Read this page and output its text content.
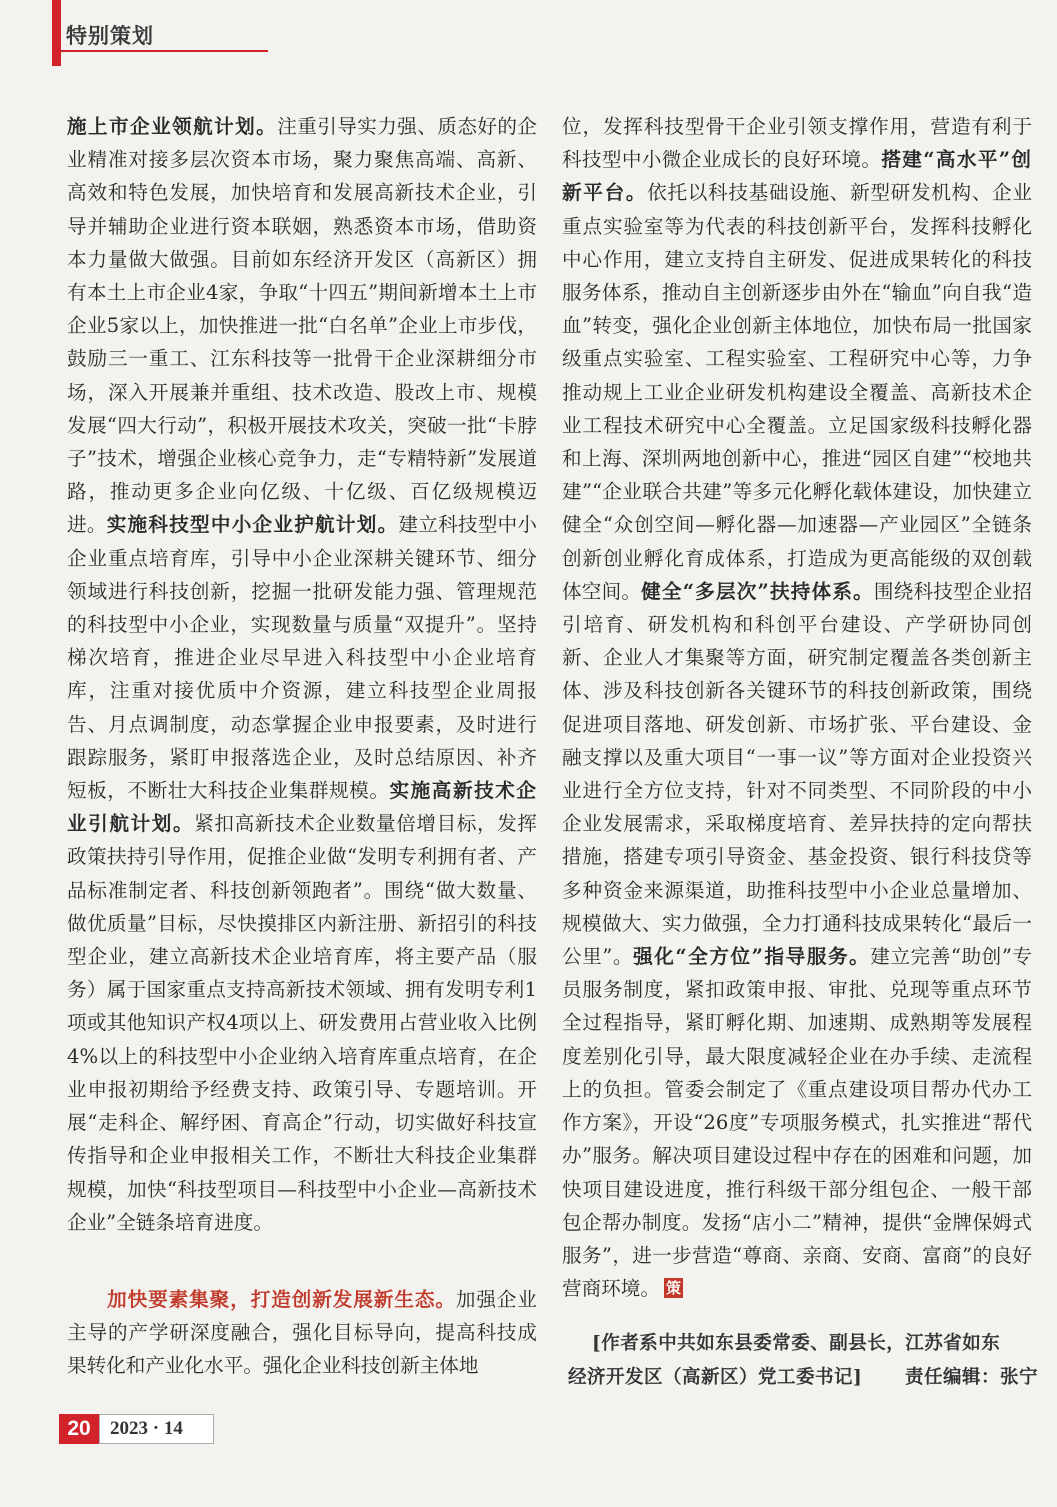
特别策划

施上市企业领航计划。注重引导实力强、质态好的企业精准对接多层次资本市场，聚力聚焦高端、高新、高效和特色发展，加快培育和发展高新技术企业，引导并辅助企业进行资本联姻，熟悉资本市场，借助资本力量做大做强。目前如东经济开发区（高新区）拥有本土上市企业4家，争取“十四五”期间新增本土上市企业5家以上，加快推进一批“白名单”企业上市步伐，鼓励三一重工、江东科技等一批骨干企业深耕细分市场，深入开展兼并重组、技术改造、股改上市、规模发展“四大行动”，积极开展技术攻关，突破一批“卡脖子”技术，增强企业核心竞争力，走“专精特新”发展道路，推动更多企业向亿级、十亿级、百亿级规模迈进。实施科技型中小企业护航计划。建立科技型中小企业重点培育库，引导中小企业深耕关键环节、细分领域进行科技创新，挖掘一批研发能力强、管理规范的科技型中小企业，实现数量与质量“双提升”。坚持梯次培育，推进企业尽早进入科技型中小企业培育库，注重对接优质中介资源，建立科技型企业周报告、月点调制度，动态掌握企业申报要素，及时进行跟踪服务，紧盯申报落选企业，及时总结原因、补齐短板，不断壮大科技企业集群规模。实施高新技术企业引航计划。紧扣高新技术企业数量倍增目标，发挥政策扶持引导作用，促推企业做“发明专利拥有者、产品标准制定者、科技创新领跑者”。围绕“做大数量、做优质量”目标，尽快摸排区内新注册、新招引的科技型企业，建立高新技术企业培育库，将主要产品（服务）属于国家重点支持高新技术领域、拥有发明专利1项或其他知识产权4项以上、研发费用占营业收入比例4%以上的科技型中小企业纳入培育库重点培育，在企业申报初期给予经费支持、政策引导、专题培训。开展“走科企、解纾困、育高企”行动，切实做好科技宣传指导和企业申报相关工作，不断壮大科技企业集群规模，加快“科技型项目—科技型中小企业—高新技术企业”全链条培育进度。

  加快要素集聚，打造创新发展新生态。加强企业主导的产学研深度融合，强化目标导向，提高科技成果转化和产业化水平。强化企业科技创新主体地

位，发挥科技型骨干企业引领支撑作用，营造有利于科技型中小微企业成长的良好环境。搭建“高水平”创新平台。依托以科技基础设施、新型研发机构、企业重点实验室等为代表的科技创新平台，发挥科技孵化中心作用，建立支持自主研发、促进成果转化的科技服务体系，推动自主创新逐步由外在“输血”向自我“造血”转变，强化企业创新主体地位，加快布局一批国家级重点实验室、工程实验室、工程研究中心等，力争推动规上工业企业研发机构建设全覆盖、高新技术企业工程技术研究中心全覆盖。立足国家级科技孵化器和上海、深圳两地创新中心，推进“园区自建”“校地共建”“企业联合共建”等多元化孵化载体建设，加快建立健全“众创空间—孵化器—加速器—产业园区”全链条创新创业孵化育成体系，打造成为更高能级的双创载体空间。健全“多层次”扶持体系。围绕科技型企业招引培育、研发机构和科创平台建设、产学研协同创新、企业人才集聚等方面，研究制定覆盖各类创新主体、涉及科技创新各关键环节的科技创新政策，围绕促进项目落地、研发创新、市场扩张、平台建设、金融支撑以及重大项目“一事一议”等方面对企业投资兴业进行全方位支持，针对不同类型、不同阶段的中小企业发展需求，采取梯度培育、差异扶持的定向帮扶措施，搭建专项引导资金、基金投资、银行科技贷等多种资金来源渠道，助推科技型中小企业总量增加、规模做大、实力做强，全力打通科技成果转化“最后一公里”。强化“全方位”指导服务。建立完善“助创”专员服务制度，紧扣政策申报、审批、兑现等重点环节全过程指导，紧盯孵化期、加速期、成熟期等发展程度差别化引导，最大限度减轻企业在办手续、走流程上的负担。管委会制定了《重点建设项目帮办代办工作方案》，开设“26度”专项服务模式，扎实推进“帮代办”服务。解决项目建设过程中存在的困难和问题，加快项目建设进度，推行科级干部分组包企、一般干部包企帮办制度。发扬“店小二”精神，提供“金牌保姆式服务”，进一步营造“尊商、亲商、安商、富商”的良好营商环境。 策

[作者系中共如东县委常委、副县长，江苏省如东
经济开发区（高新区）党工委书记] 责任编辑：张宁
20	2023 · 14
